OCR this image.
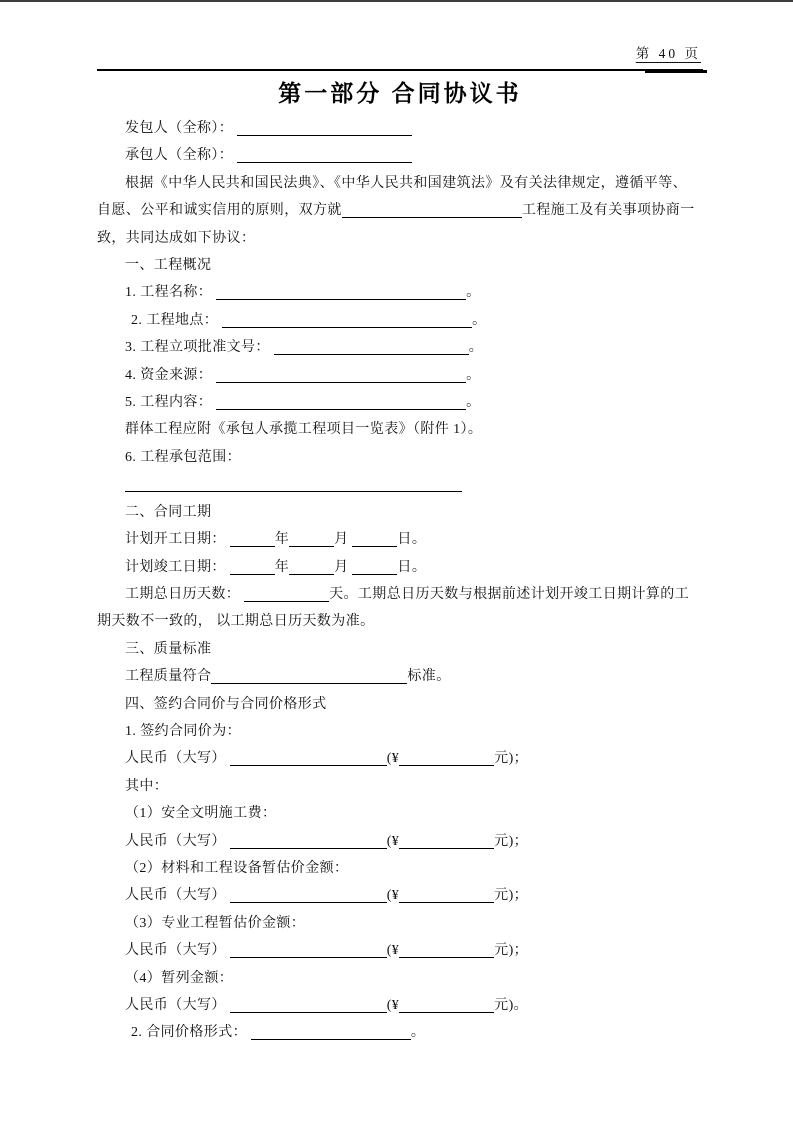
第 40 页
第一部分 合同协议书
发包人（全称）：
承包人（全称）：
根据《中华人民共和国民法典》、《中华人民共和国建筑法》及有关法律规定，遵循平等、 自愿、公平和诚实信用的原则，双方就	工程施工及有关事项协商一致，共同达成如下协议：
一、工程概况
1. 工程名称：	。
2. 工程地点：	。
3. 工程立项批准文号：	。
4. 资金来源：	。
5. 工程内容：	。
群体工程应附《承包人承揽工程项目一览表》（附件 1）。
6. 工程承包范围：
二、合同工期
计划开工日期：	年	月	日。
计划竣工日期：	年	月	日。
工期总日历天数：	天。工期总日历天数与根据前述计划开竣工日期计算的工期天数不一致的， 以工期总日历天数为准。
三、质量标准
工程质量符合	标准。
四、签约合同价与合同价格形式
1. 签约合同价为：
人民币（大写）	(¥	元)；
其中：
（1）安全文明施工费：
人民币（大写）	(¥	元)；
（2）材料和工程设备暂估价金额：
人民币（大写）	(¥	元)；
（3）专业工程暂估价金额：
人民币（大写）	(¥	元)；
（4）暂列金额：
人民币（大写）	(¥	元)。
2. 合同价格形式：	。
